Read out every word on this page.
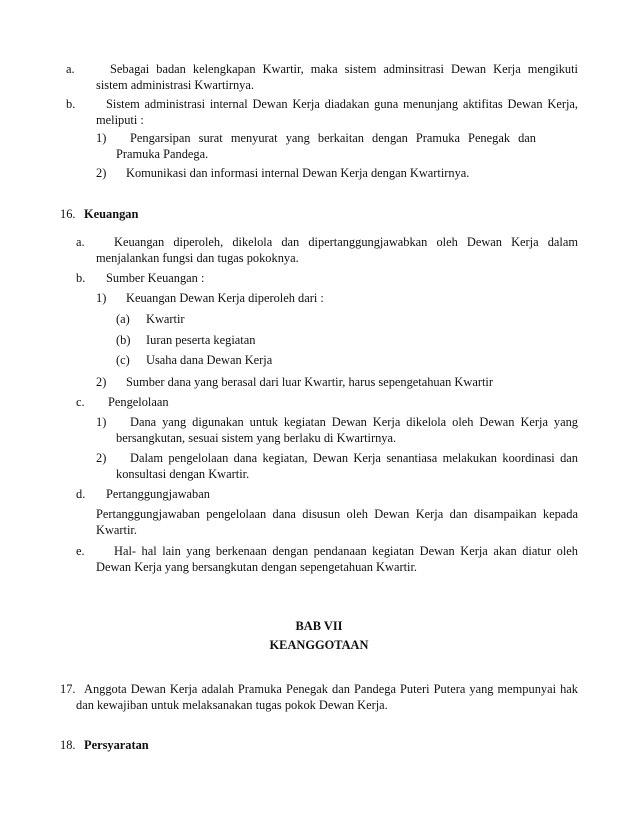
a.	Sebagai badan kelengkapan Kwartir, maka sistem adminsitrasi Dewan Kerja mengikuti
sistem administrasi Kwartirnya.
b.	Sistem administrasi internal Dewan Kerja diadakan guna menunjang aktifitas Dewan Kerja,
meliputi :
1)	Pengarsipan surat menyurat yang berkaitan dengan Pramuka Penegak dan
Pramuka Pandega.
2) Komunikasi dan informasi internal Dewan Kerja dengan Kwartirnya.
16. Keuangan
a.	Keuangan diperoleh, dikelola dan dipertanggungjawabkan oleh Dewan Kerja dalam
menjalankan fungsi dan tugas pokoknya.
b. Sumber Keuangan :
1) Keuangan Dewan Kerja diperoleh dari :
(a) Kwartir
(b) Iuran peserta kegiatan
(c) Usaha dana Dewan Kerja
2) Sumber dana yang berasal dari luar Kwartir, harus sepengetahuan Kwartir
c. Pengelolaan
1)	Dana yang digunakan untuk kegiatan Dewan Kerja dikelola oleh Dewan Kerja yang
bersangkutan, sesuai sistem yang berlaku di Kwartirnya.
2)	Dalam pengelolaan dana kegiatan, Dewan Kerja senantiasa melakukan koordinasi dan
konsultasi dengan Kwartir.
d. Pertanggungjawaban
Pertanggungjawaban pengelolaan dana disusun oleh Dewan Kerja dan disampaikan kepada
Kwartir.
e.	Hal- hal lain yang berkenaan dengan pendanaan kegiatan Dewan Kerja akan diatur oleh
Dewan Kerja yang bersangkutan dengan sepengetahuan Kwartir.
BAB VII
KEANGGOTAAN
17. Anggota Dewan Kerja adalah Pramuka Penegak dan Pandega Puteri Putera yang mempunyai hak
dan kewajiban untuk melaksanakan tugas pokok Dewan Kerja.
18. Persyaratan
